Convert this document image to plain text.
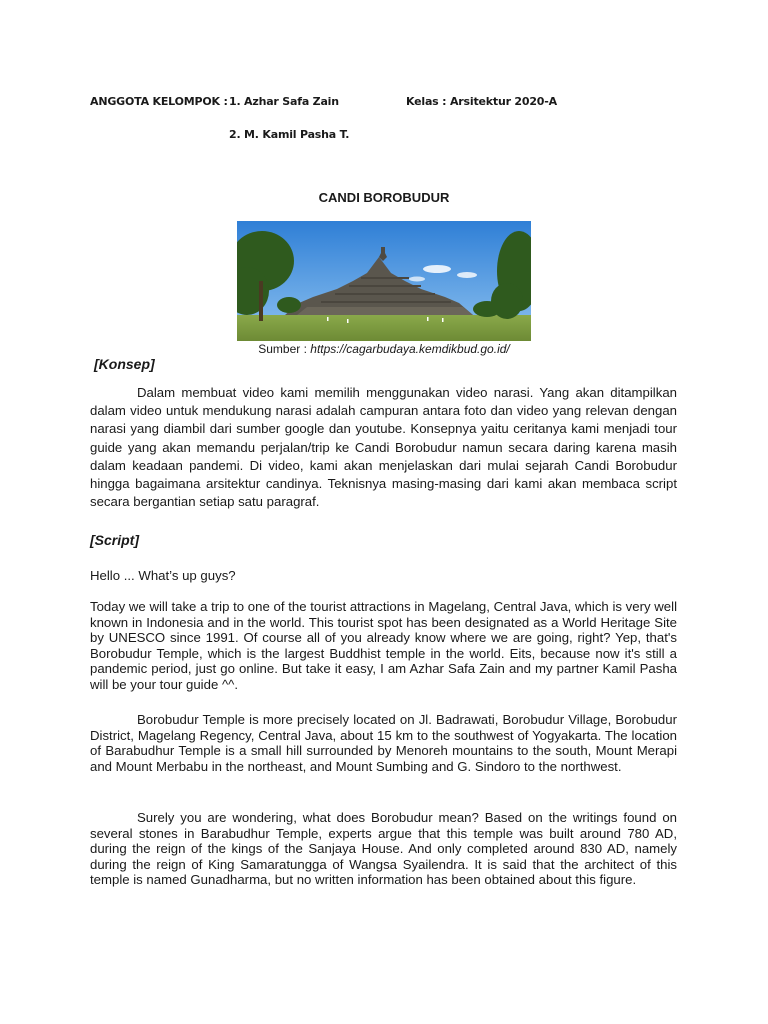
ANGGOTA KELOMPOK : 1. Azhar Safa Zain	Kelas : Arsitektur 2020-A
2. M. Kamil Pasha T.
CANDI BOROBUDUR
Sumber : https://cagarbudaya.kemdikbud.go.id/
[Konsep]

Dalam membuat video kami memilih menggunakan video narasi. Yang akan ditampilkan dalam video untuk mendukung narasi adalah campuran antara foto dan video yang relevan dengan narasi yang diambil dari sumber google dan youtube. Konsepnya yaitu ceritanya kami menjadi tour guide yang akan memandu perjalan/trip ke Candi Borobudur namun secara daring karena masih dalam keadaan pandemi. Di video, kami akan menjelaskan dari mulai sejarah Candi Borobudur hingga bagaimana arsitektur candinya. Teknisnya masing-masing dari kami akan membaca script secara bergantian setiap satu paragraf.

[Script]

Hello ... What’s up guys?

Today we will take a trip to one of the tourist attractions in Magelang, Central Java, which is very well known in Indonesia and in the world. This tourist spot has been designated as a World Heritage Site by UNESCO since 1991. Of course all of you already know where we are going, right? Yep, that's Borobudur Temple, which is the largest Buddhist temple in the world. Eits, because now it's still a pandemic period, just go online. But take it easy, I am Azhar Safa Zain and my partner Kamil Pasha will be your tour guide ^^.

Borobudur Temple is more precisely located on Jl. Badrawati, Borobudur Village, Borobudur District, Magelang Regency, Central Java, about 15 km to the southwest of Yogyakarta. The location of Barabudhur Temple is a small hill surrounded by Menoreh mountains to the south, Mount Merapi and Mount Merbabu in the northeast, and Mount Sumbing and G. Sindoro to the northwest.

Surely you are wondering, what does Borobudur mean? Based on the writings found on several stones in Barabudhur Temple, experts argue that this temple was built around 780 AD, during the reign of the kings of the Sanjaya House. And only completed around 830 AD, namely during the reign of King Samaratungga of Wangsa Syailendra. It is said that the architect of this temple is named Gunadharma, but no written information has been obtained about this figure.
